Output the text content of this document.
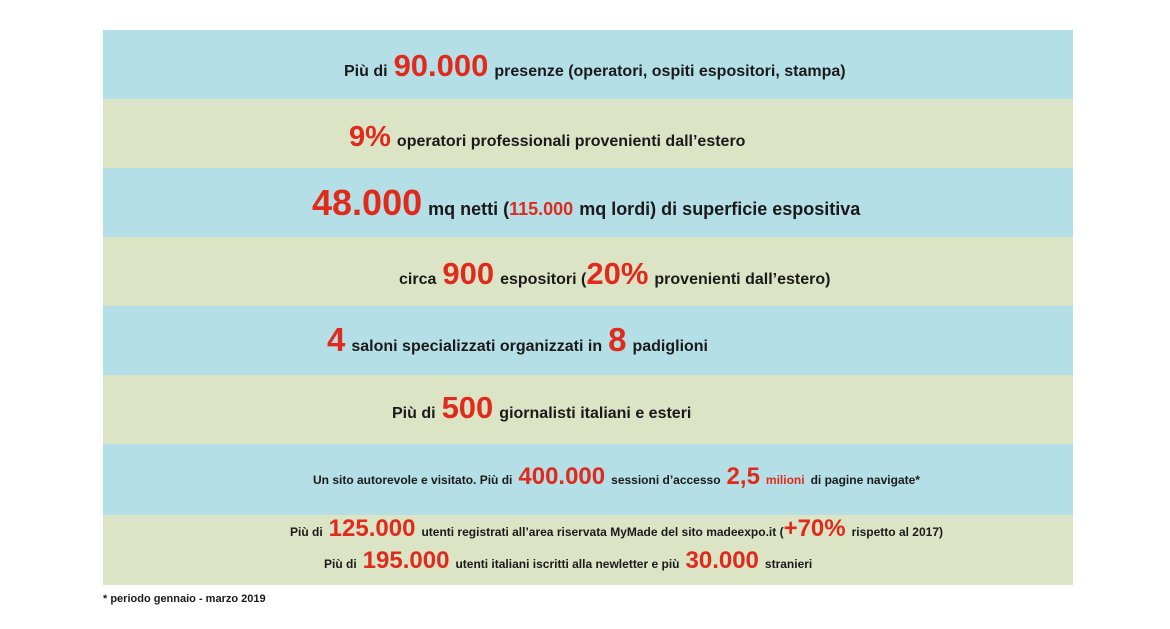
Più di 90.000 presenze (operatori, ospiti espositori, stampa)
9% operatori professionali provenienti dall’estero
48.000 mq netti ( 115.000 mq lordi) di superficie espositiva
circa 900 espositori ( 20% provenienti dall’estero)
4 saloni specializzati organizzati in 8 padiglioni
Più di 500 giornalisti italiani e esteri
Un sito autorevole e visitato. Più di 400.000 sessioni d’accesso 2,5 milioni di pagine navigate*
Più di 125.000 utenti registrati all’area riservata MyMade del sito madeexpo.it ( +70% rispetto al 2017)
Più di 195.000 utenti italiani iscritti alla newletter e più 30.000 stranieri
* periodo gennaio - marzo 2019
